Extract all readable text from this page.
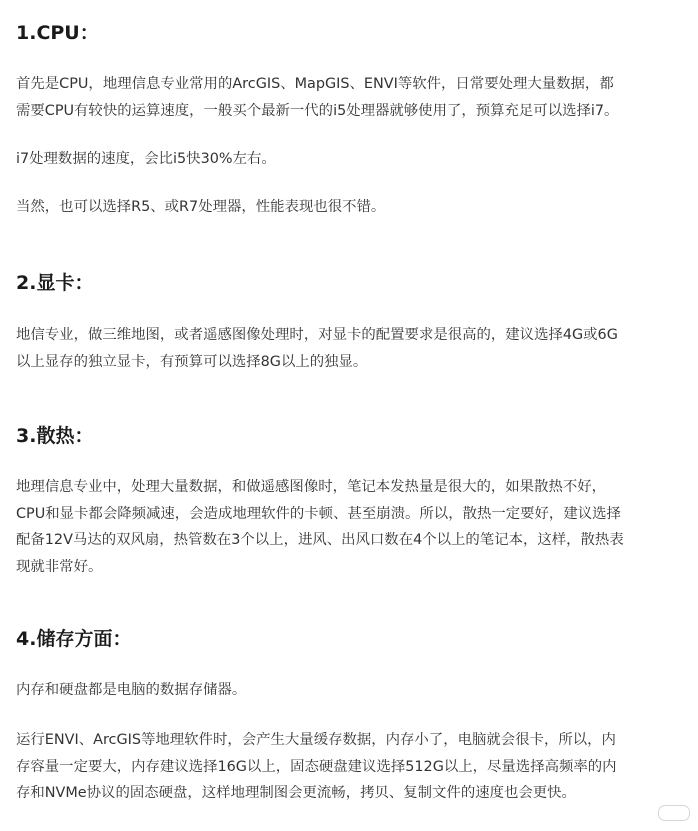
1.CPU：

首先是CPU，地理信息专业常用的ArcGIS、MapGIS、ENVI等软件，日常要处理大量数据，都
需要CPU有较快的运算速度，一般买个最新一代的i5处理器就够使用了，预算充足可以选择i7。

i7处理数据的速度，会比i5快30%左右。

当然，也可以选择R5、或R7处理器，性能表现也很不错。

2.显卡：

地信专业，做三维地图，或者遥感图像处理时，对显卡的配置要求是很高的，建议选择4G或6G
以上显存的独立显卡，有预算可以选择8G以上的独显。

3.散热：

地理信息专业中，处理大量数据，和做遥感图像时，笔记本发热量是很大的，如果散热不好，
CPU和显卡都会降频减速，会造成地理软件的卡顿、甚至崩溃。所以，散热一定要好，建议选择
配备12V马达的双风扇，热管数在3个以上，进风、出风口数在4个以上的笔记本，这样，散热表
现就非常好。

4.储存方面：

内存和硬盘都是电脑的数据存储器。

运行ENVI、ArcGIS等地理软件时，会产生大量缓存数据，内存小了，电脑就会很卡，所以，内
存容量一定要大，内存建议选择16G以上，固态硬盘建议选择512G以上，尽量选择高频率的内
存和NVMe协议的固态硬盘，这样地理制图会更流畅，拷贝、复制文件的速度也会更快。
